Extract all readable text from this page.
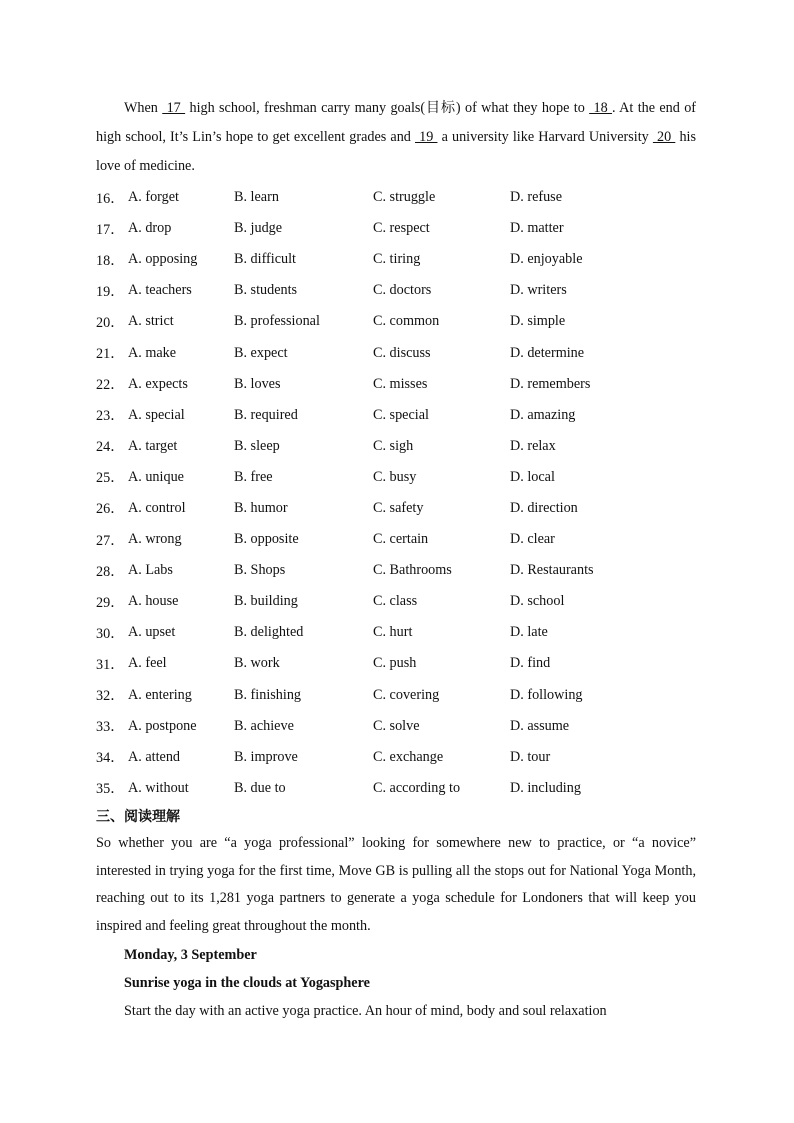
When  17  high school, freshman carry many goals(目标) of what they hope to  18 . At the end of high school, It’s Lin’s hope to get excellent grades and  19  a university like Harvard University  20  his love of medicine.
16． A. forget	B. learn	C. struggle	D. refuse
17． A. drop	B. judge	C. respect	D. matter
18． A. opposing	B. difficult	C. tiring	D. enjoyable
19． A. teachers	B. students	C. doctors	D. writers
20． A. strict	B. professional	C. common	D. simple
21． A. make	B. expect	C. discuss	D. determine
22． A. expects	B. loves	C. misses	D. remembers
23． A. special	B. required	C. special	D. amazing
24． A. target	B. sleep	C. sigh	D. relax
25． A. unique	B. free	C. busy	D. local
26． A. control	B. humor	C. safety	D. direction
27． A. wrong	B. opposite	C. certain	D. clear
28． A. Labs	B. Shops	C. Bathrooms	D. Restaurants
29． A. house	B. building	C. class	D. school
30． A. upset	B. delighted	C. hurt	D. late
31． A. feel	B. work	C. push	D. find
32． A. entering	B. finishing	C. covering	D. following
33． A. postpone	B. achieve	C. solve	D. assume
34． A. attend	B. improve	C. exchange	D. tour
35． A. without	B. due to	C. according to	D. including
三、阅读理解
So whether you are “a yoga professional” looking for somewhere new to practice, or “a novice” interested in trying yoga for the first time, Move GB is pulling all the stops out for National Yoga Month, reaching out to its 1,281 yoga partners to generate a yoga schedule for Londoners that will keep you inspired and feeling great throughout the month.
Monday, 3 September
Sunrise yoga in the clouds at Yogasphere
Start the day with an active yoga practice. An hour of mind, body and soul relaxation
